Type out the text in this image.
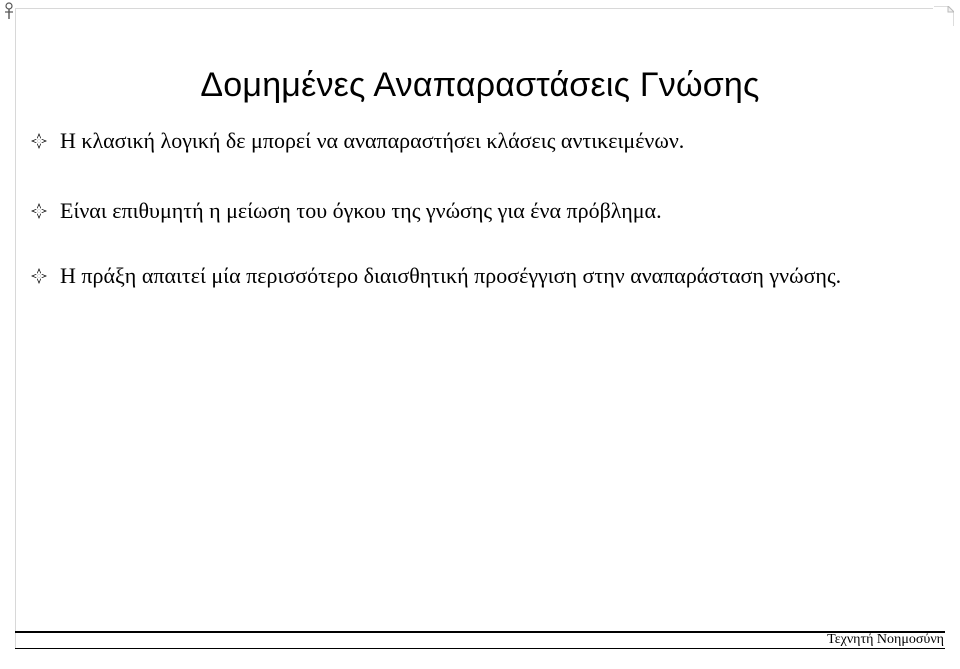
Δομημένες Αναπαραστάσεις Γνώσης
Η κλασική λογική δε μπορεί να αναπαραστήσει κλάσεις αντικειμένων.
Είναι επιθυμητή η μείωση του όγκου της γνώσης για ένα πρόβλημα.
Η πράξη απαιτεί μία περισσότερο διαισθητική προσέγγιση στην αναπαράσταση γνώσης.
Τεχνητή Νοημοσύνη
